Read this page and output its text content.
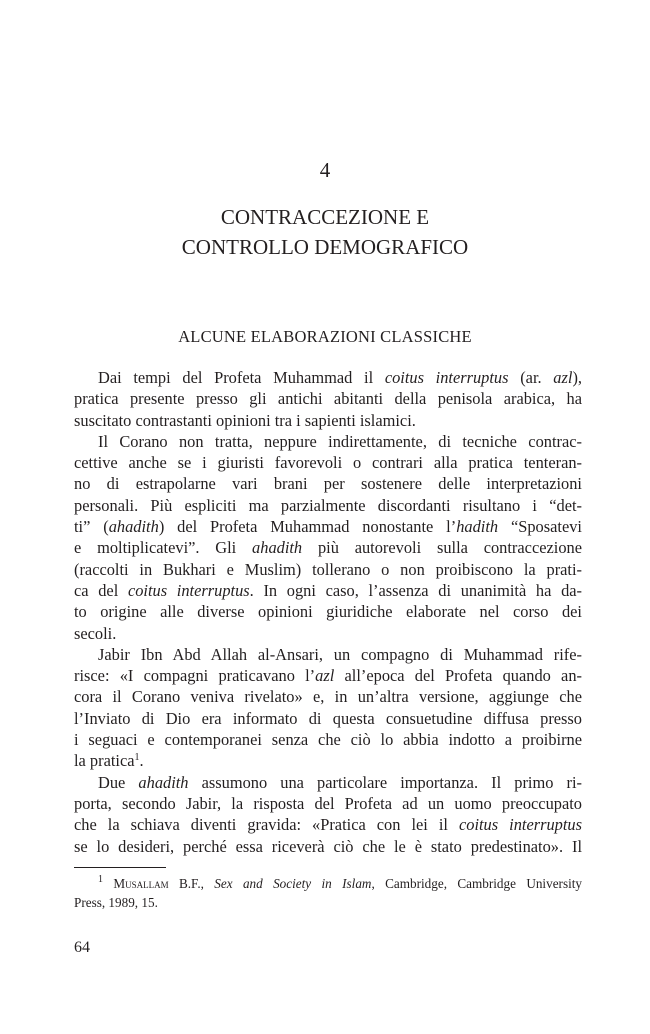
4
CONTRACCEZIONE E
CONTROLLO DEMOGRAFICO
ALCUNE ELABORAZIONI CLASSICHE
Dai tempi del Profeta Muhammad il coitus interruptus (ar. azl),
pratica presente presso gli antichi abitanti della penisola arabica, ha
suscitato contrastanti opinioni tra i sapienti islamici.
Il Corano non tratta, neppure indirettamente, di tecniche contrac-
cettive anche se i giuristi favorevoli o contrari alla pratica tenteran-
no di estrapolarne vari brani per sostenere delle interpretazioni
personali. Più espliciti ma parzialmente discordanti risultano i “det-
ti” (ahadith) del Profeta Muhammad nonostante l’hadith “Sposatevi
e moltiplicatevi”. Gli ahadith più autorevoli sulla contraccezione
(raccolti in Bukhari e Muslim) tollerano o non proibiscono la prati-
ca del coitus interruptus. In ogni caso, l’assenza di unanimità ha da-
to origine alle diverse opinioni giuridiche elaborate nel corso dei
secoli.
Jabir Ibn Abd Allah al-Ansari, un compagno di Muhammad rife-
risce: «I compagni praticavano l’azl all’epoca del Profeta quando an-
cora il Corano veniva rivelato» e, in un’altra versione, aggiunge che
l’Inviato di Dio era informato di questa consuetudine diffusa presso
i seguaci e contemporanei senza che ciò lo abbia indotto a proibirne
la pratica$^1$.
Due ahadith assumono una particolare importanza. Il primo ri-
porta, secondo Jabir, la risposta del Profeta ad un uomo preoccupato
che la schiava diventi gravida: «Pratica con lei il coitus interruptus
se lo desideri, perché essa riceverà ciò che le è stato predestinato». Il
$^1$ Musallam B.F., Sex and Society in Islam, Cambridge, Cambridge University
Press, 1989, 15.
64
